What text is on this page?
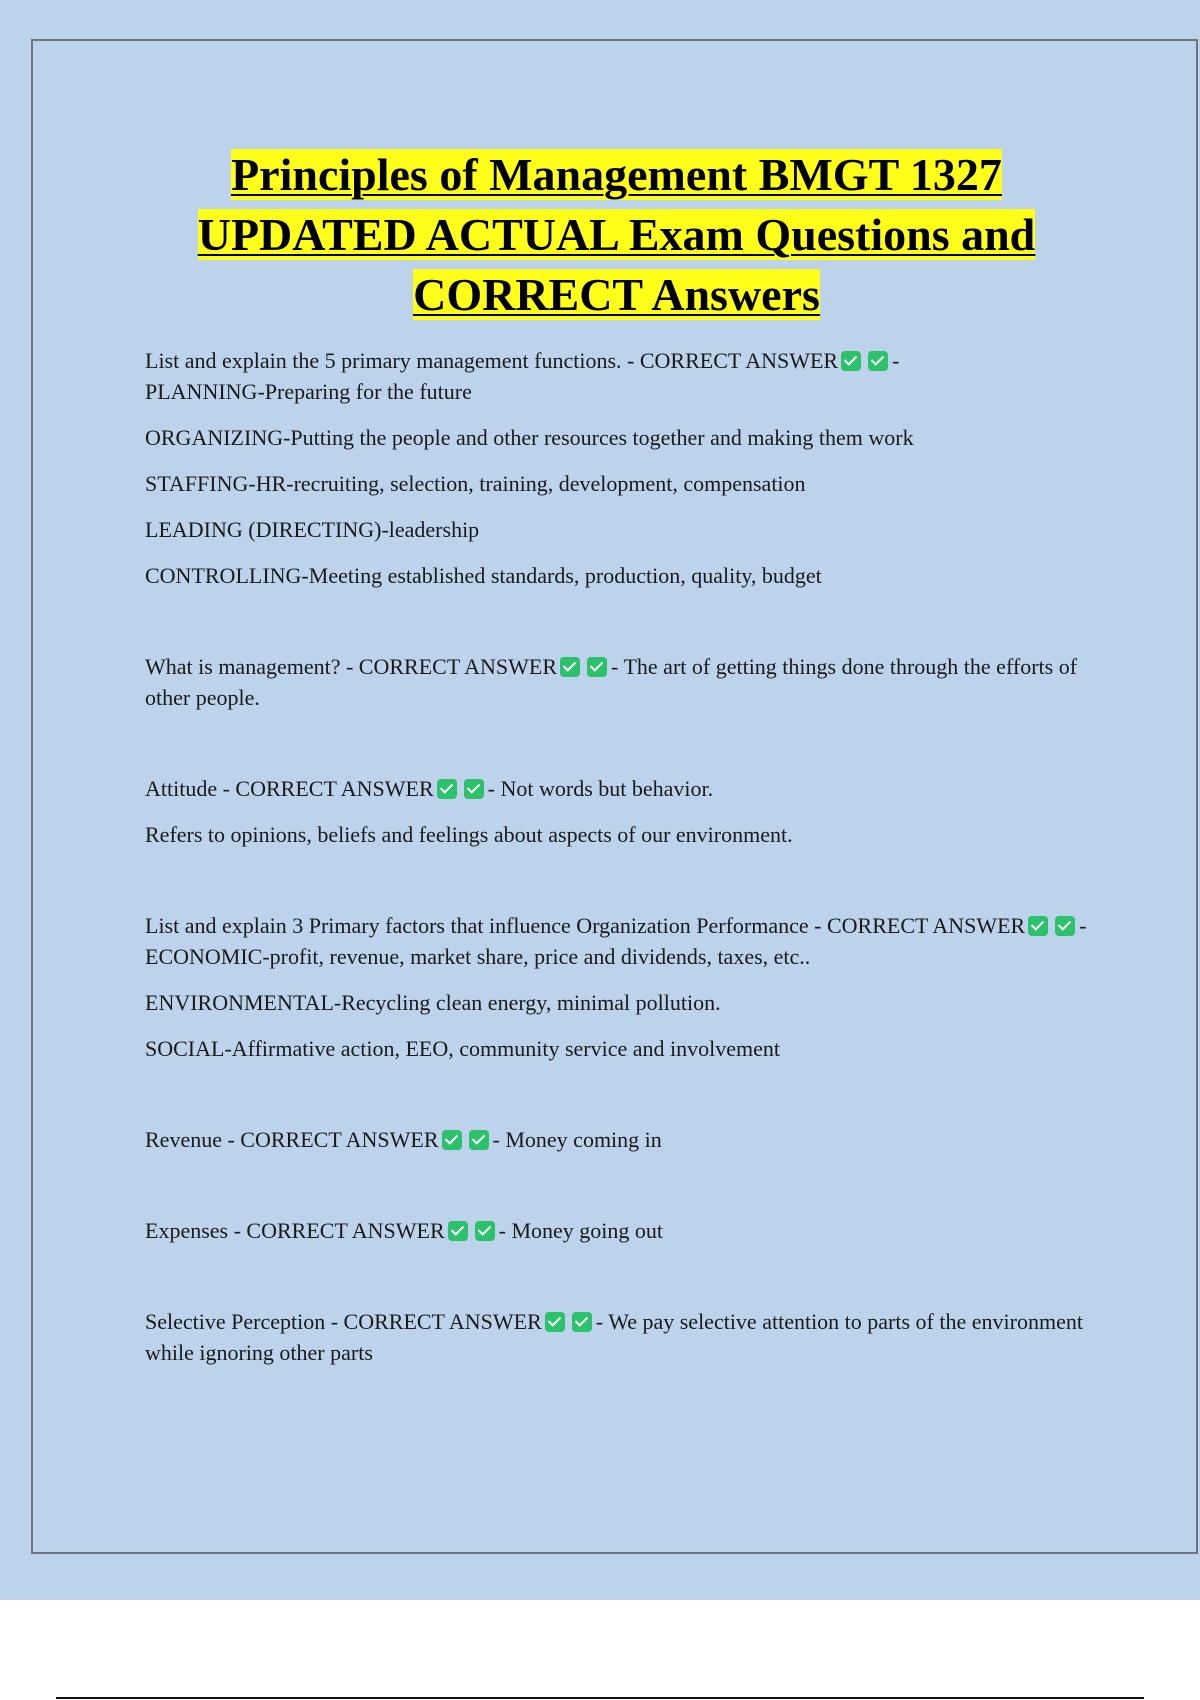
Principles of Management BMGT 1327
UPDATED ACTUAL Exam Questions and
CORRECT Answers

List and explain the 5 primary management functions. - CORRECT ANSWER -
PLANNING-Preparing for the future

ORGANIZING-Putting the people and other resources together and making them work

STAFFING-HR-recruiting, selection, training, development, compensation

LEADING (DIRECTING)-leadership

CONTROLLING-Meeting established standards, production, quality, budget

What is management? - CORRECT ANSWER - The art of getting things done through the efforts of other people.

Attitude - CORRECT ANSWER - Not words but behavior.

Refers to opinions, beliefs and feelings about aspects of our environment.

List and explain 3 Primary factors that influence Organization Performance - CORRECT ANSWER - ECONOMIC-profit, revenue, market share, price and dividends, taxes, etc..

ENVIRONMENTAL-Recycling clean energy, minimal pollution.

SOCIAL-Affirmative action, EEO, community service and involvement

Revenue - CORRECT ANSWER - Money coming in

Expenses - CORRECT ANSWER - Money going out

Selective Perception - CORRECT ANSWER - We pay selective attention to parts of the environment while ignoring other parts
